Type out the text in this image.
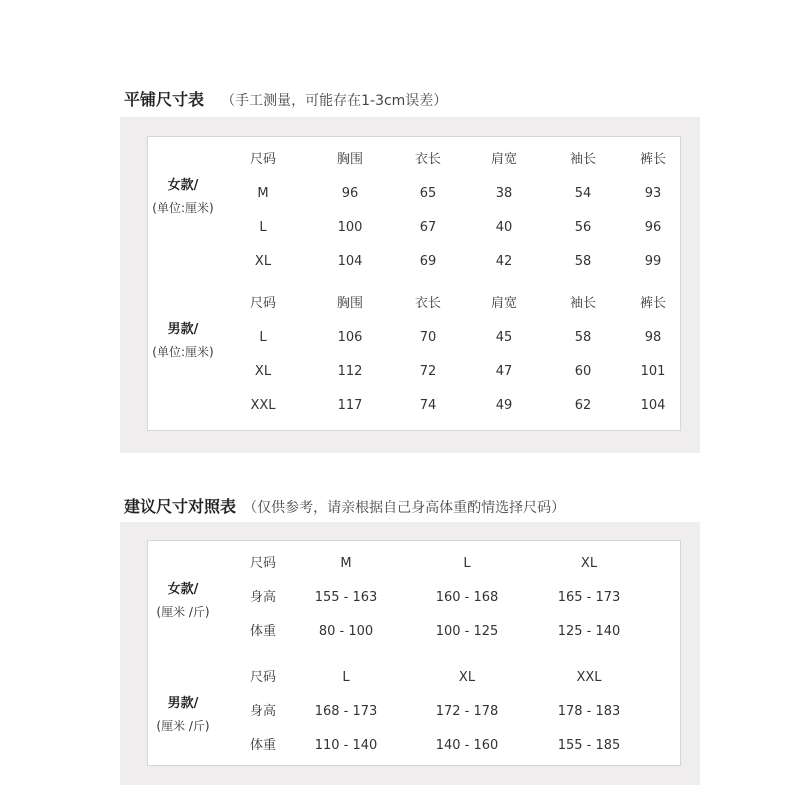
平铺尺寸表 （手工测量，可能存在1-3cm误差）
女款/
(单位:厘米)
尺码	胸围	衣长	肩宽	袖长	裤长
M	96	65	38	54	93
L	100	67	40	56	96
XL	104	69	42	58	99
男款/
(单位:厘米)
尺码	胸围	衣长	肩宽	袖长	裤长
L	106	70	45	58	98
XL	112	72	47	60	101
XXL	117	74	49	62	104
建议尺寸对照表 （仅供参考，请亲根据自己身高体重酌情选择尺码）
女款/
(厘米 /斤)
尺码	M	L	XL
身高	155 - 163	160 - 168	165 - 173
体重	80 - 100	100 - 125	125 - 140
男款/
(厘米 /斤)
尺码	L	XL	XXL
身高	168 - 173	172 - 178	178 - 183
体重	110 - 140	140 - 160	155 - 185
